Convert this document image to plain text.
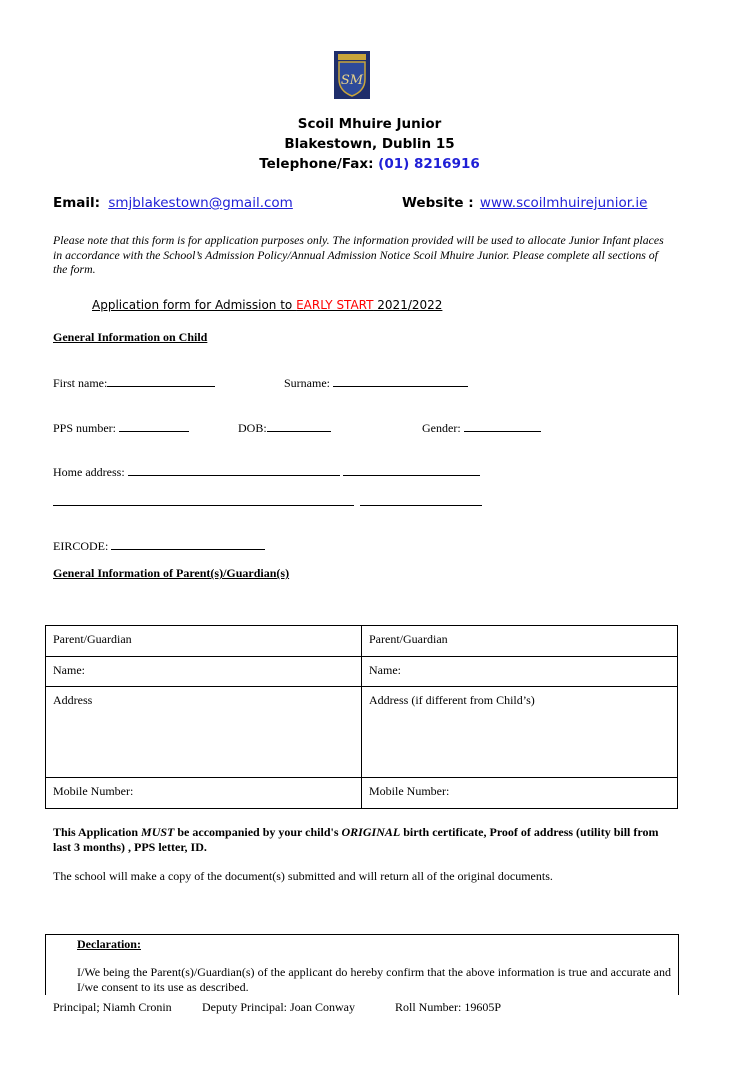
SM
Scoil Mhuire Junior
Blakestown, Dublin 15
Telephone/Fax: (01) 8216916
Email: smjblakestown@gmail.com	Website : www.scoilmhuirejunior.ie
Please note that this form is for application purposes only. The information provided will be used to allocate Junior Infant places in accordance with the School’s Admission Policy/Annual Admission Notice Scoil Mhuire Junior. Please complete all sections of the form.
Application form for Admission to EARLY START 2021/2022
General Information on Child
First name:	Surname:
PPS number:	DOB:	Gender:
Home address:
EIRCODE:
General Information of Parent(s)/Guardian(s)
Parent/Guardian	Parent/Guardian
Name:	Name:
Address	Address (if different from Child’s)
Mobile Number:	Mobile Number:
This Application MUST be accompanied by your child's ORIGINAL birth certificate, Proof of address (utility bill from last 3 months) , PPS letter, ID.
The school will make a copy of the document(s) submitted and will return all of the original documents.
Declaration:
I/We being the Parent(s)/Guardian(s) of the applicant do hereby confirm that the above information is true and accurate and I/we consent to its use as described.
Principal; Niamh Cronin	Deputy Principal: Joan Conway	Roll Number: 19605P
